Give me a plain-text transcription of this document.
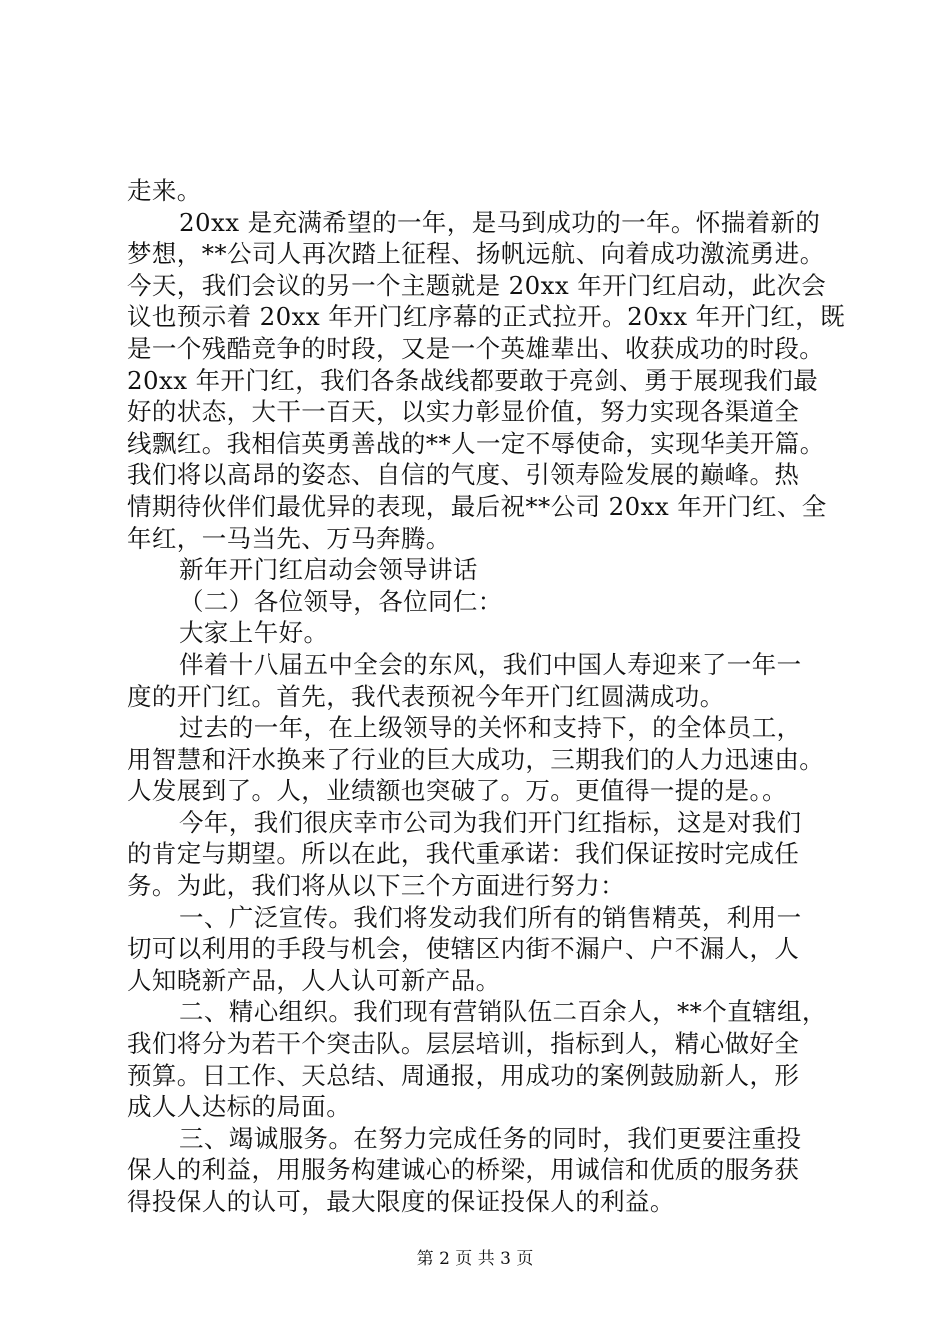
走来。
20xx 是充满希望的一年，是马到成功的一年。怀揣着新的
梦想，**公司人再次踏上征程、扬帆远航、向着成功激流勇进。
今天，我们会议的另一个主题就是 20xx 年开门红启动，此次会
议也预示着 20xx 年开门红序幕的正式拉开。20xx 年开门红，既
是一个残酷竞争的时段，又是一个英雄辈出、收获成功的时段。
20xx 年开门红，我们各条战线都要敢于亮剑、勇于展现我们最
好的状态，大干一百天，以实力彰显价值，努力实现各渠道全
线飘红。我相信英勇善战的**人一定不辱使命，实现华美开篇。
我们将以高昂的姿态、自信的气度、引领寿险发展的巅峰。热
情期待伙伴们最优异的表现，最后祝**公司 20xx 年开门红、全
年红，一马当先、万马奔腾。
新年开门红启动会领导讲话
（二）各位领导，各位同仁：
大家上午好。
伴着十八届五中全会的东风，我们中国人寿迎来了一年一
度的开门红。首先，我代表预祝今年开门红圆满成功。
过去的一年，在上级领导的关怀和支持下，的全体员工，
用智慧和汗水换来了行业的巨大成功，三期我们的人力迅速由。
人发展到了。人，业绩额也突破了。万。更值得一提的是。。
今年，我们很庆幸市公司为我们开门红指标，这是对我们
的肯定与期望。所以在此，我代重承诺：我们保证按时完成任
务。为此，我们将从以下三个方面进行努力：
一、广泛宣传。我们将发动我们所有的销售精英，利用一
切可以利用的手段与机会，使辖区内街不漏户、户不漏人，人
人知晓新产品，人人认可新产品。
二、精心组织。我们现有营销队伍二百余人，**个直辖组，
我们将分为若干个突击队。层层培训，指标到人，精心做好全
预算。日工作、天总结、周通报，用成功的案例鼓励新人，形
成人人达标的局面。
三、竭诚服务。在努力完成任务的同时，我们更要注重投
保人的利益，用服务构建诚心的桥梁，用诚信和优质的服务获
得投保人的认可，最大限度的保证投保人的利益。
第 2 页 共 3 页
